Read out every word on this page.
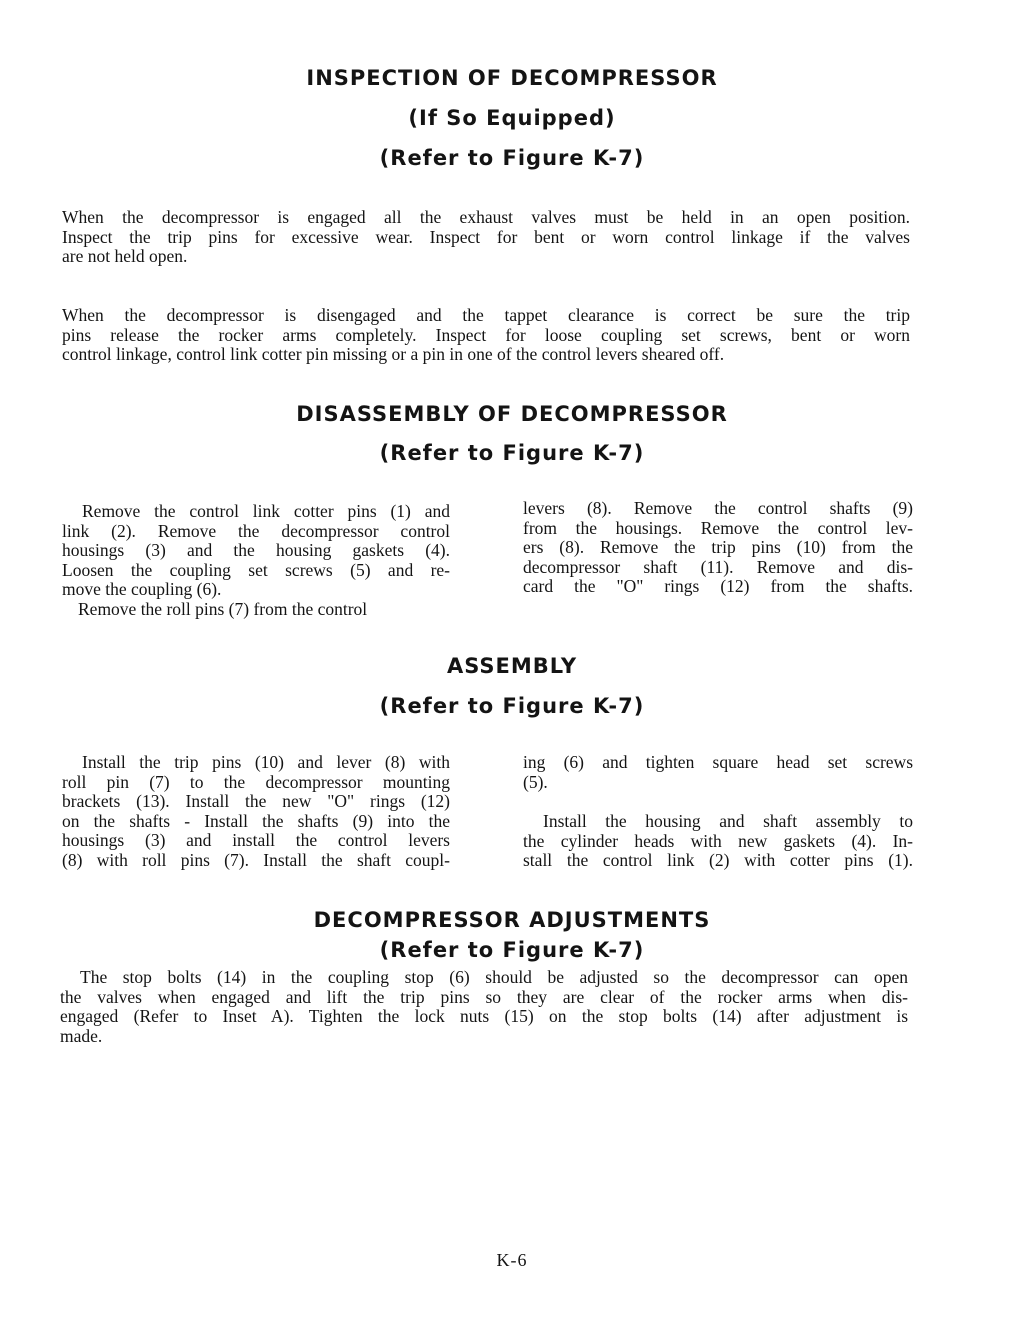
INSPECTION OF DECOMPRESSOR
(If So Equipped)
(Refer to Figure K-7)

When the decompressor is engaged all the exhaust valves must be held in an open position.
Inspect the trip pins for excessive wear. Inspect for bent or worn control linkage if the valves
are not held open.

When the decompressor is disengaged and the tappet clearance is correct be sure the trip
pins release the rocker arms completely. Inspect for loose coupling set screws, bent or worn
control linkage, control link cotter pin missing or a pin in one of the control levers sheared off.

DISASSEMBLY OF DECOMPRESSOR
(Refer to Figure K-7)

Remove the control link cotter pins (1) and
link (2). Remove the decompressor control
housings (3) and the housing gaskets (4).
Loosen the coupling set screws (5) and re-
move the coupling (6).
Remove the roll pins (7) from the control

levers (8). Remove the control shafts (9)
from the housings. Remove the control lev-
ers (8). Remove the trip pins (10) from the
decompressor shaft (11). Remove and dis-
card the "O" rings (12) from the shafts.

ASSEMBLY
(Refer to Figure K-7)

Install the trip pins (10) and lever (8) with
roll pin (7) to the decompressor mounting
brackets (13). Install the new "O" rings (12)
on the shafts - Install the shafts (9) into the
housings (3) and install the control levers
(8) with roll pins (7). Install the shaft coupl-

ing (6) and tighten square head set screws
(5).

Install the housing and shaft assembly to
the cylinder heads with new gaskets (4). In-
stall the control link (2) with cotter pins (1).

DECOMPRESSOR ADJUSTMENTS
(Refer to Figure K-7)

The stop bolts (14) in the coupling stop (6) should be adjusted so the decompressor can open
the valves when engaged and lift the trip pins so they are clear of the rocker arms when dis-
engaged (Refer to Inset A). Tighten the lock nuts (15) on the stop bolts (14) after adjustment is
made.

K-6
